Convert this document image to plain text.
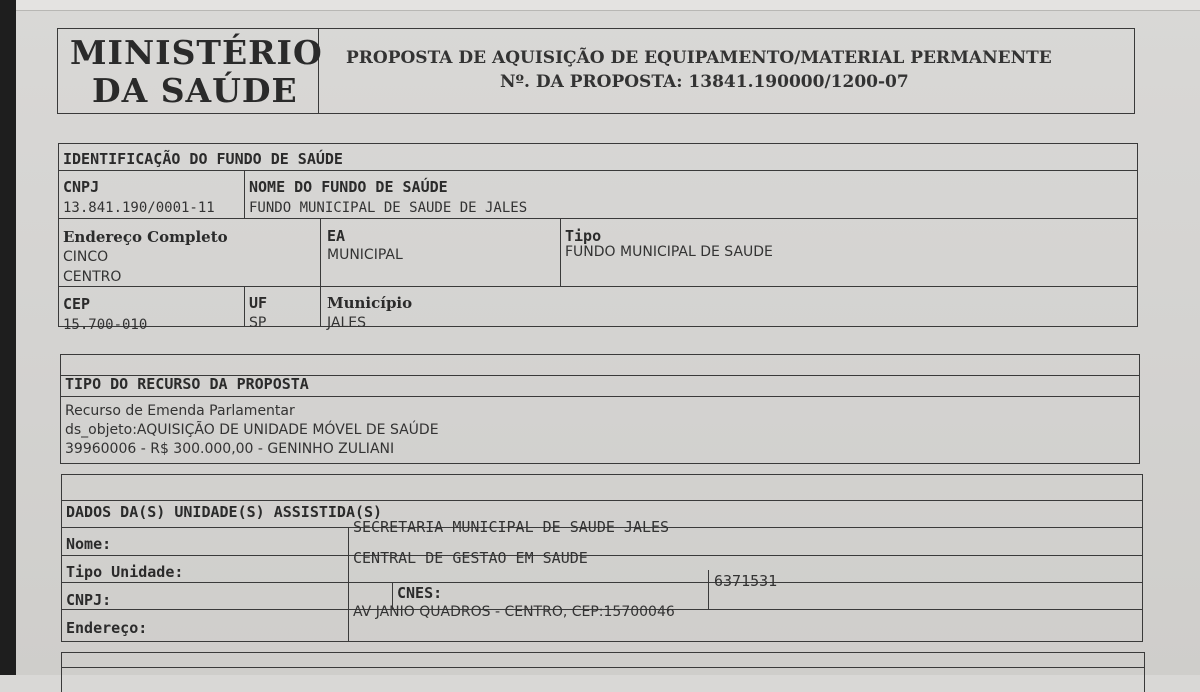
MINISTÉRIO
DA SAÚDE
PROPOSTA DE AQUISIÇÃO DE EQUIPAMENTO/MATERIAL PERMANENTE
Nº. DA PROPOSTA: 13841.190000/1200-07
IDENTIFICAÇÃO DO FUNDO DE SAÚDE
CNPJ
13.841.190/0001-11
NOME DO FUNDO DE SAÚDE
FUNDO MUNICIPAL DE SAUDE DE JALES
Endereço Completo
CINCO
CENTRO
EA
MUNICIPAL
Tipo
FUNDO MUNICIPAL DE SAUDE
CEP
15.700-010
UF
SP
Município
JALES
TIPO DO RECURSO DA PROPOSTA
Recurso de Emenda Parlamentar
ds_objeto:AQUISIÇÃO DE UNIDADE MÓVEL DE SAÚDE
39960006 - R$ 300.000,00 - GENINHO ZULIANI
DADOS DA(S) UNIDADE(S) ASSISTIDA(S)
Nome:
SECRETARIA MUNICIPAL DE SAUDE JALES
Tipo Unidade:
CENTRAL DE GESTAO EM SAUDE
CNPJ:	CNES:
6371531
Endereço:
AV JANIO QUADROS - CENTRO, CEP:15700046
